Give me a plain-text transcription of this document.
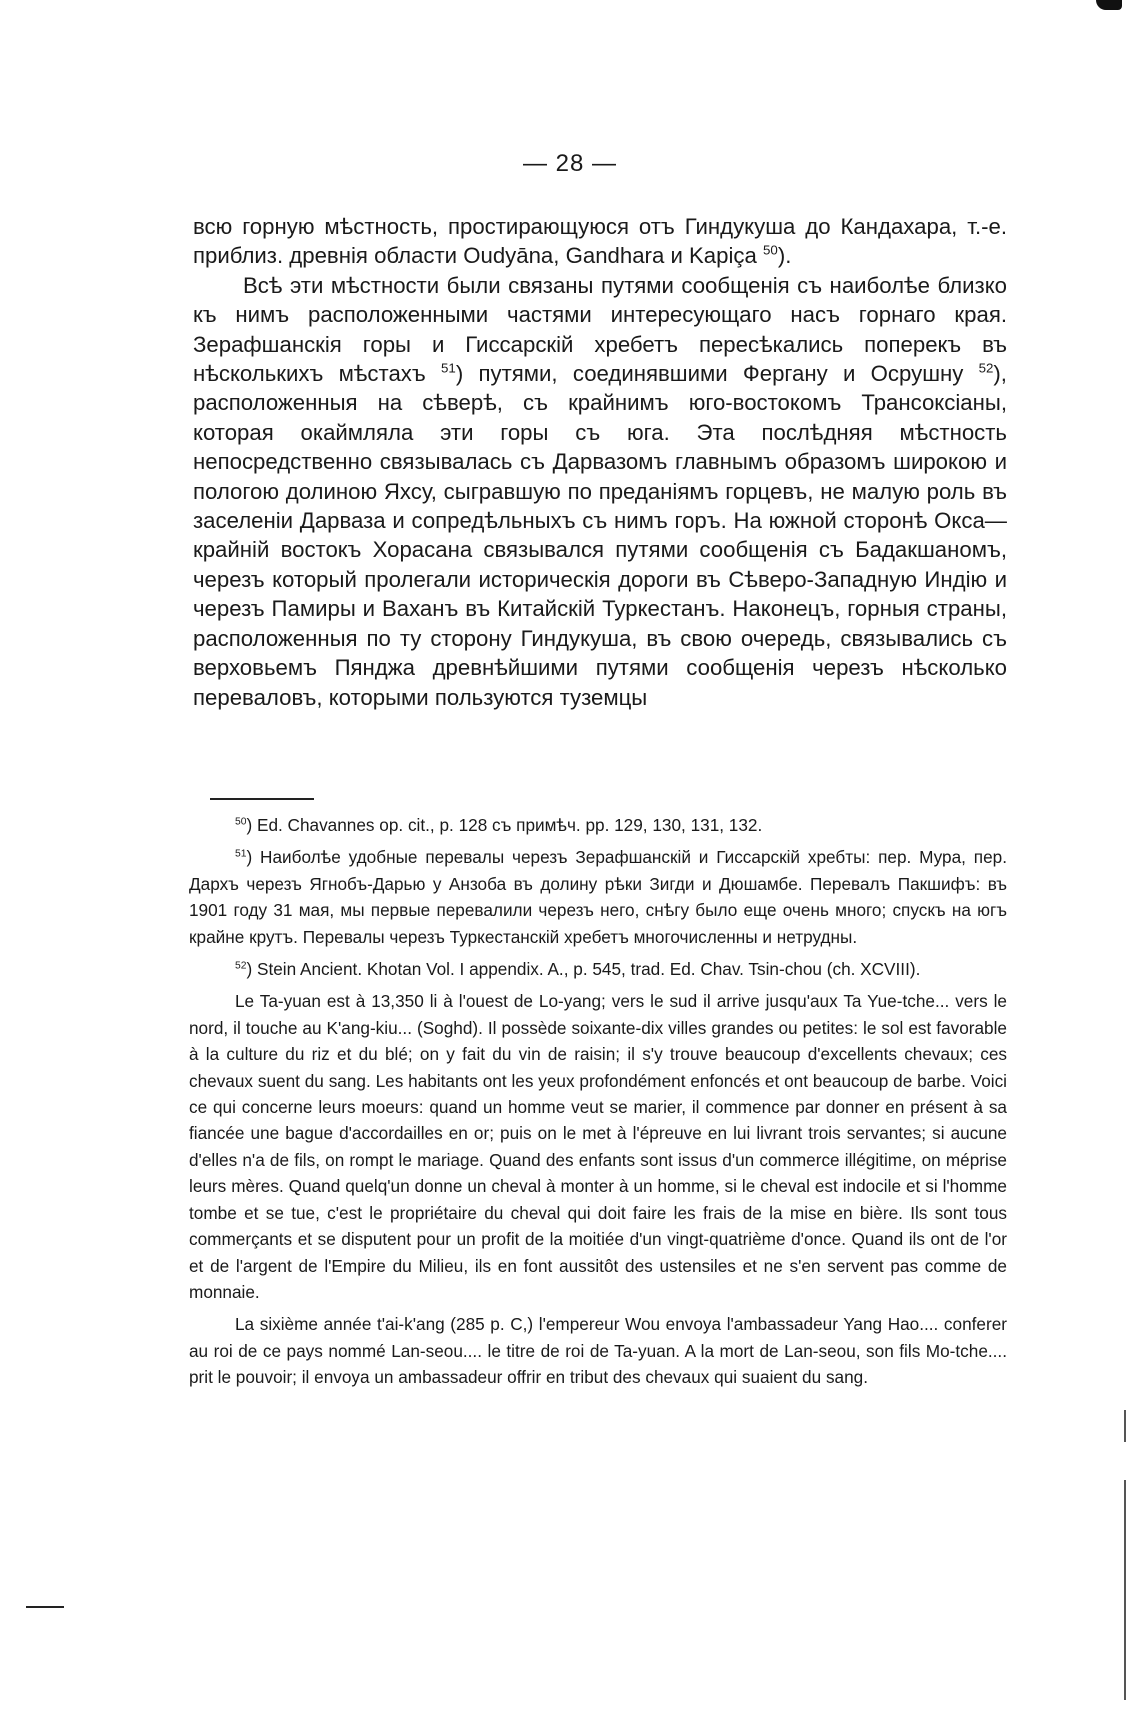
— 28 —

всю горную мѣстность, простирающуюся отъ Гиндукуша до Кандахара, т.-е. приблиз. древнія области Oudyāna, Gandhara и Kapiça $^{50}$).

Всѣ эти мѣстности были связаны путями сообщенія съ наиболѣе близко къ нимъ расположенными частями интересующаго насъ горнаго края. Зерафшанскія горы и Гиссарскій хребетъ пересѣкались поперекъ въ нѣсколькихъ мѣстахъ $^{51}$) путями, соединявшими Фергану и Осрушну $^{52}$), расположенныя на сѣверѣ, съ крайнимъ юго-востокомъ Трансоксіаны, которая окаймляла эти горы съ юга. Эта послѣдняя мѣстность непосредственно связывалась съ Дарвазомъ главнымъ образомъ широкою и пологою долиною Яхсу, сыгравшую по преданіямъ горцевъ, не малую роль въ заселеніи Дарваза и сопредѣльныхъ съ нимъ горъ. На южной сторонѣ Окса—крайній востокъ Хорасана связывался путями сообщенія съ Бадакшаномъ, черезъ который пролегали историческія дороги въ Сѣверо-Западную Индію и черезъ Памиры и Ваханъ въ Китайскій Туркестанъ. Наконецъ, горныя страны, расположенныя по ту сторону Гиндукуша, въ свою очередь, связывались съ верховьемъ Пянджа древнѣйшими путями сообщенія черезъ нѣсколько переваловъ, которыми пользуются туземцы

$^{50}$) Ed. Chavannes op. cit., p. 128 съ примѣч. pp. 129, 130, 131, 132.

$^{51}$) Наиболѣе удобные перевалы черезъ Зерафшанскій и Гиссарскій хребты: пер. Мура, пер. Дархъ черезъ Ягнобъ-Дарью у Анзоба въ долину рѣки Зигди и Дюшамбе. Перевалъ Пакшифъ: въ 1901 году 31 мая, мы первые перевалили черезъ него, снѣгу было еще очень много; спускъ на югъ крайне крутъ. Перевалы черезъ Туркестанскій хребетъ многочисленны и нетрудны.

$^{52}$) Stein Ancient. Khotan Vol. I appendix. A., p. 545, trad. Ed. Chav. Tsin-chou (ch. XCVIII).

Le Ta-yuan est à 13,350 li à l'ouest de Lo-yang; vers le sud il arrive jusqu'aux Ta Yue-tche... vers le nord, il touche au K'ang-kiu... (Soghd). Il possède soixante-dix villes grandes ou petites: le sol est favorable à la culture du riz et du blé; on y fait du vin de raisin; il s'y trouve beaucoup d'excellents chevaux; ces chevaux suent du sang. Les habitants ont les yeux profondément enfoncés et ont beaucoup de barbe. Voici ce qui concerne leurs moeurs: quand un homme veut se marier, il commence par donner en présent à sa fiancée une bague d'accordailles en or; puis on le met à l'épreuve en lui livrant trois servantes; si aucune d'elles n'a de fils, on rompt le mariage. Quand des enfants sont issus d'un commerce illégitime, on méprise leurs mères. Quand quelq'un donne un cheval à monter à un homme, si le cheval est indocile et si l'homme tombe et se tue, c'est le propriétaire du cheval qui doit faire les frais de la mise en bière. Ils sont tous commerçants et se disputent pour un profit de la moitiée d'un vingt-quatrième d'once. Quand ils ont de l'or et de l'argent de l'Empire du Milieu, ils en font aussitôt des ustensiles et ne s'en servent pas comme de monnaie.

La sixième année t'ai-k'ang (285 p. C,) l'empereur Wou envoya l'ambassadeur Yang Hao.... conferer au roi de ce pays nommé Lan-seou.... le titre de roi de Ta-yuan. A la mort de Lan-seou, son fils Mo-tche.... prit le pouvoir; il envoya un ambassadeur offrir en tribut des chevaux qui suaient du sang.
